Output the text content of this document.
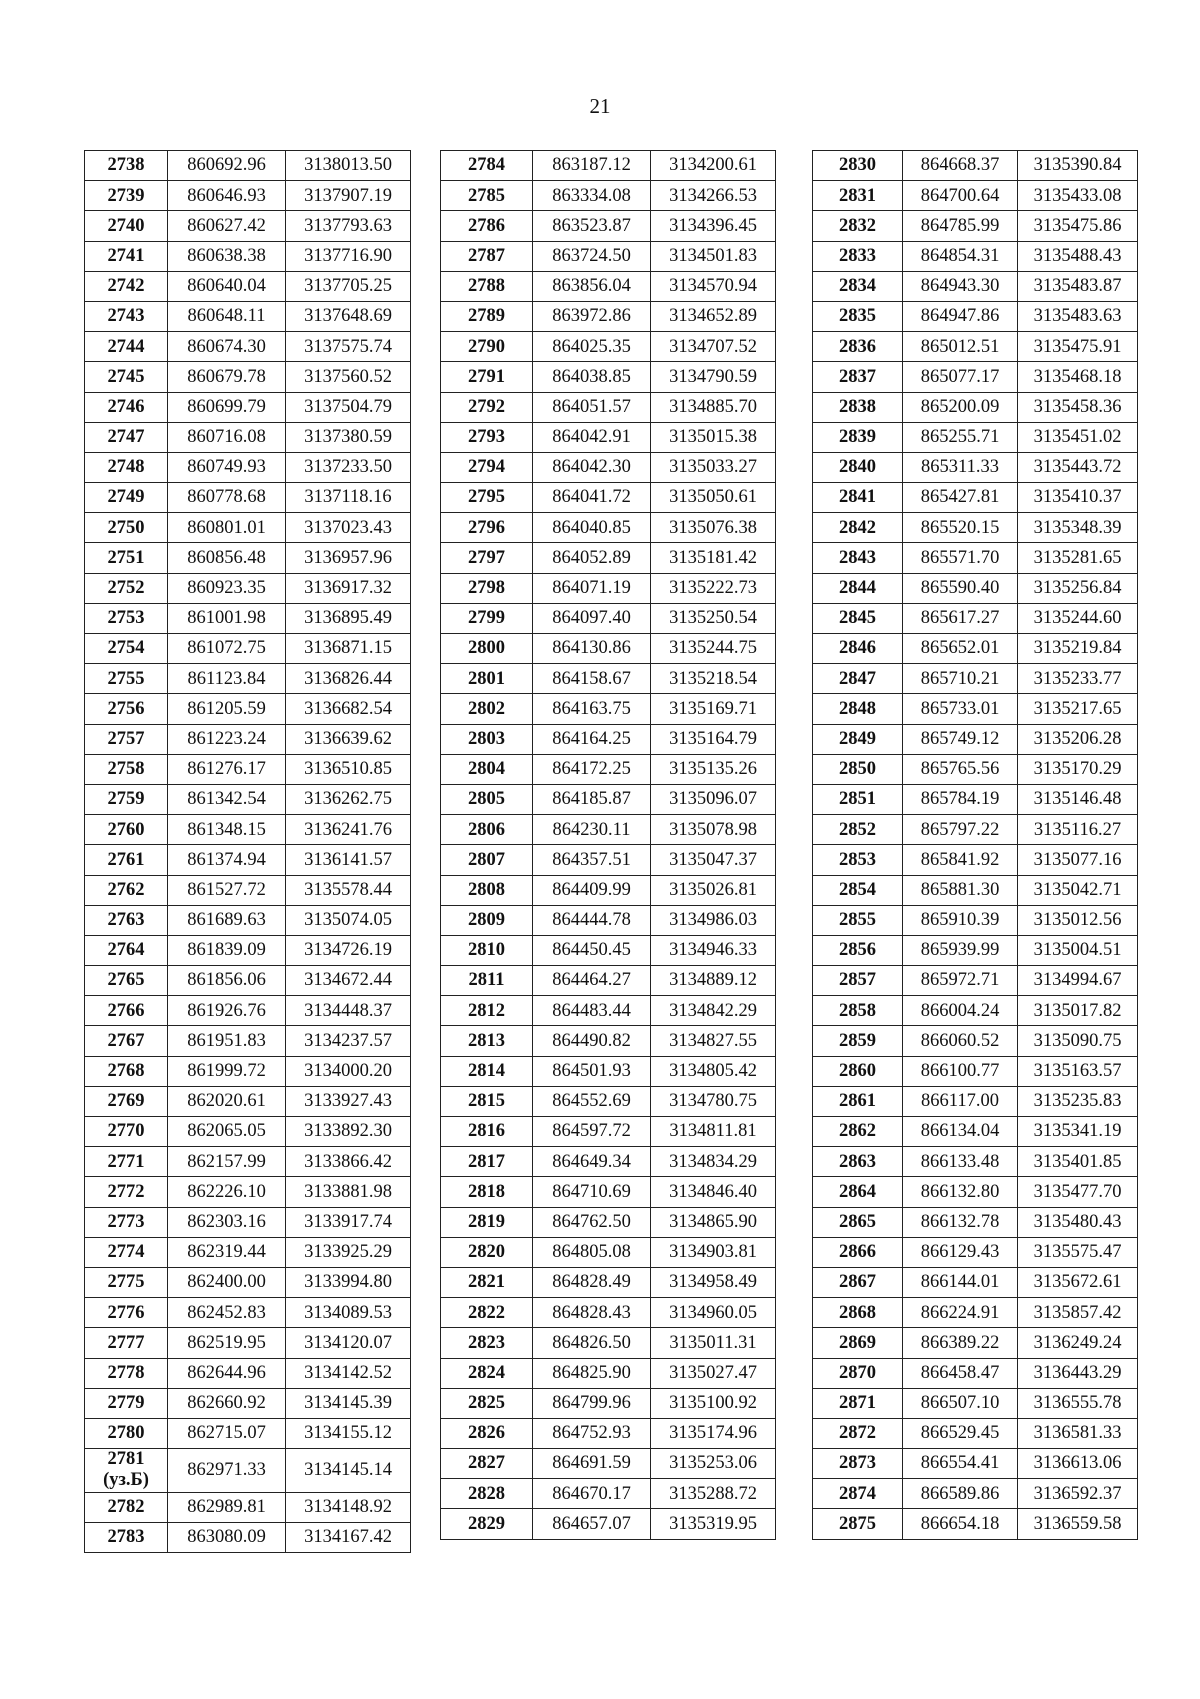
21
2738	860692.96	3138013.50
2739	860646.93	3137907.19
2740	860627.42	3137793.63
2741	860638.38	3137716.90
2742	860640.04	3137705.25
2743	860648.11	3137648.69
2744	860674.30	3137575.74
2745	860679.78	3137560.52
2746	860699.79	3137504.79
2747	860716.08	3137380.59
2748	860749.93	3137233.50
2749	860778.68	3137118.16
2750	860801.01	3137023.43
2751	860856.48	3136957.96
2752	860923.35	3136917.32
2753	861001.98	3136895.49
2754	861072.75	3136871.15
2755	861123.84	3136826.44
2756	861205.59	3136682.54
2757	861223.24	3136639.62
2758	861276.17	3136510.85
2759	861342.54	3136262.75
2760	861348.15	3136241.76
2761	861374.94	3136141.57
2762	861527.72	3135578.44
2763	861689.63	3135074.05
2764	861839.09	3134726.19
2765	861856.06	3134672.44
2766	861926.76	3134448.37
2767	861951.83	3134237.57
2768	861999.72	3134000.20
2769	862020.61	3133927.43
2770	862065.05	3133892.30
2771	862157.99	3133866.42
2772	862226.10	3133881.98
2773	862303.16	3133917.74
2774	862319.44	3133925.29
2775	862400.00	3133994.80
2776	862452.83	3134089.53
2777	862519.95	3134120.07
2778	862644.96	3134142.52
2779	862660.92	3134145.39
2780	862715.07	3134155.12
2781
(уз.Б)	862971.33	3134145.14
2782	862989.81	3134148.92
2783	863080.09	3134167.42
2784	863187.12	3134200.61
2785	863334.08	3134266.53
2786	863523.87	3134396.45
2787	863724.50	3134501.83
2788	863856.04	3134570.94
2789	863972.86	3134652.89
2790	864025.35	3134707.52
2791	864038.85	3134790.59
2792	864051.57	3134885.70
2793	864042.91	3135015.38
2794	864042.30	3135033.27
2795	864041.72	3135050.61
2796	864040.85	3135076.38
2797	864052.89	3135181.42
2798	864071.19	3135222.73
2799	864097.40	3135250.54
2800	864130.86	3135244.75
2801	864158.67	3135218.54
2802	864163.75	3135169.71
2803	864164.25	3135164.79
2804	864172.25	3135135.26
2805	864185.87	3135096.07
2806	864230.11	3135078.98
2807	864357.51	3135047.37
2808	864409.99	3135026.81
2809	864444.78	3134986.03
2810	864450.45	3134946.33
2811	864464.27	3134889.12
2812	864483.44	3134842.29
2813	864490.82	3134827.55
2814	864501.93	3134805.42
2815	864552.69	3134780.75
2816	864597.72	3134811.81
2817	864649.34	3134834.29
2818	864710.69	3134846.40
2819	864762.50	3134865.90
2820	864805.08	3134903.81
2821	864828.49	3134958.49
2822	864828.43	3134960.05
2823	864826.50	3135011.31
2824	864825.90	3135027.47
2825	864799.96	3135100.92
2826	864752.93	3135174.96
2827	864691.59	3135253.06
2828	864670.17	3135288.72
2829	864657.07	3135319.95
2830	864668.37	3135390.84
2831	864700.64	3135433.08
2832	864785.99	3135475.86
2833	864854.31	3135488.43
2834	864943.30	3135483.87
2835	864947.86	3135483.63
2836	865012.51	3135475.91
2837	865077.17	3135468.18
2838	865200.09	3135458.36
2839	865255.71	3135451.02
2840	865311.33	3135443.72
2841	865427.81	3135410.37
2842	865520.15	3135348.39
2843	865571.70	3135281.65
2844	865590.40	3135256.84
2845	865617.27	3135244.60
2846	865652.01	3135219.84
2847	865710.21	3135233.77
2848	865733.01	3135217.65
2849	865749.12	3135206.28
2850	865765.56	3135170.29
2851	865784.19	3135146.48
2852	865797.22	3135116.27
2853	865841.92	3135077.16
2854	865881.30	3135042.71
2855	865910.39	3135012.56
2856	865939.99	3135004.51
2857	865972.71	3134994.67
2858	866004.24	3135017.82
2859	866060.52	3135090.75
2860	866100.77	3135163.57
2861	866117.00	3135235.83
2862	866134.04	3135341.19
2863	866133.48	3135401.85
2864	866132.80	3135477.70
2865	866132.78	3135480.43
2866	866129.43	3135575.47
2867	866144.01	3135672.61
2868	866224.91	3135857.42
2869	866389.22	3136249.24
2870	866458.47	3136443.29
2871	866507.10	3136555.78
2872	866529.45	3136581.33
2873	866554.41	3136613.06
2874	866589.86	3136592.37
2875	866654.18	3136559.58
